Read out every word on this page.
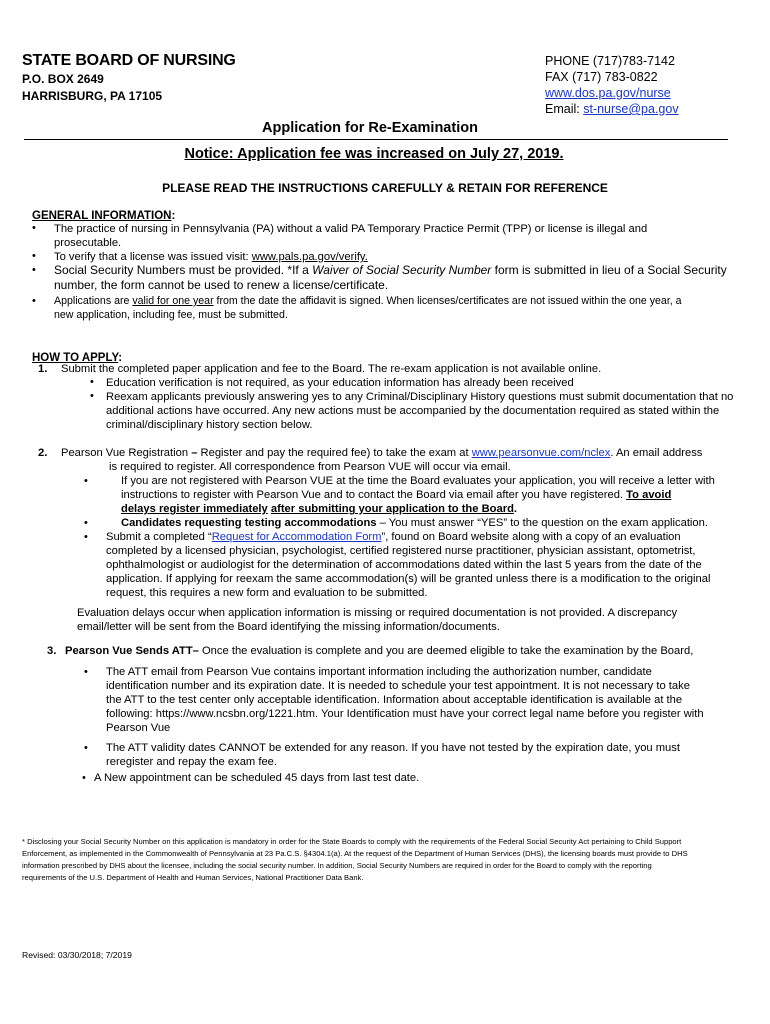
STATE BOARD OF NURSING
P.O. BOX 2649
HARRISBURG, PA 17105
PHONE (717)783-7142
FAX (717) 783-0822
www.dos.pa.gov/nurse
Email: st-nurse@pa.gov
Application for Re-Examination
Notice: Application fee was increased on July 27, 2019.
PLEASE READ THE INSTRUCTIONS CAREFULLY & RETAIN FOR REFERENCE
GENERAL INFORMATION:
• The practice of nursing in Pennsylvania (PA) without a valid PA Temporary Practice Permit (TPP) or license is illegal and
prosecutable.
• To verify that a license was issued visit: www.pals.pa.gov/verify.
• Social Security Numbers must be provided. *If a Waiver of Social Security Number form is submitted in lieu of a Social Security
number, the form cannot be used to renew a license/certificate.
• Applications are valid for one year from the date the affidavit is signed. When licenses/certificates are not issued within the one year, a
new application, including fee, must be submitted.
HOW TO APPLY:
1. Submit the completed paper application and fee to the Board. The re-exam application is not available online.
• Education verification is not required, as your education information has already been received
• Reexam applicants previously answering yes to any Criminal/Disciplinary History questions must submit documentation that no
additional actions have occurred. Any new actions must be accompanied by the documentation required as stated within the
criminal/disciplinary history section below.
2. Pearson Vue Registration – Register and pay the required fee) to take the exam at www.pearsonvue.com/nclex. An email address
is required to register. All correspondence from Pearson VUE will occur via email.
•	If you are not registered with Pearson VUE at the time the Board evaluates your application, you will receive a letter with
instructions to register with Pearson Vue and to contact the Board via email after you have registered. To avoid
delays register immediately after submitting your application to the Board.
•	Candidates requesting testing accommodations – You must answer “YES” to the question on the exam application.
• Submit a completed “Request for Accommodation Form”, found on Board website along with a copy of an evaluation
completed by a licensed physician, psychologist, certified registered nurse practitioner, physician assistant, optometrist,
ophthalmologist or audiologist for the determination of accommodations dated within the last 5 years from the date of the
application. If applying for reexam the same accommodation(s) will be granted unless there is a modification to the original
request, this requires a new form and evaluation to be submitted.
Evaluation delays occur when application information is missing or required documentation is not provided. A discrepancy
email/letter will be sent from the Board identifying the missing information/documents.
3. Pearson Vue Sends ATT– Once the evaluation is complete and you are deemed eligible to take the examination by the Board,
• The ATT email from Pearson Vue contains important information including the authorization number, candidate
identification number and its expiration date. It is needed to schedule your test appointment. It is not necessary to take
the ATT to the test center only acceptable identification. Information about acceptable identification is available at the
following: https://www.ncsbn.org/1221.htm. Your Identification must have your correct legal name before you register with
Pearson Vue
• The ATT validity dates CANNOT be extended for any reason. If you have not tested by the expiration date, you must
reregister and repay the exam fee.
• A New appointment can be scheduled 45 days from last test date.
* Disclosing your Social Security Number on this application is mandatory in order for the State Boards to comply with the requirements of the Federal Social Security Act pertaining to Child Support
Enforcement, as implemented in the Commonwealth of Pennsylvania at 23 Pa.C.S. §4304.1(a). At the request of the Department of Human Services (DHS), the licensing boards must provide to DHS
information prescribed by DHS about the licensee, including the social security number. In addition, Social Security Numbers are required in order for the Board to comply with the reporting
requirements of the U.S. Department of Health and Human Services, National Practitioner Data Bank.
Revised: 03/30/2018; 7/2019
